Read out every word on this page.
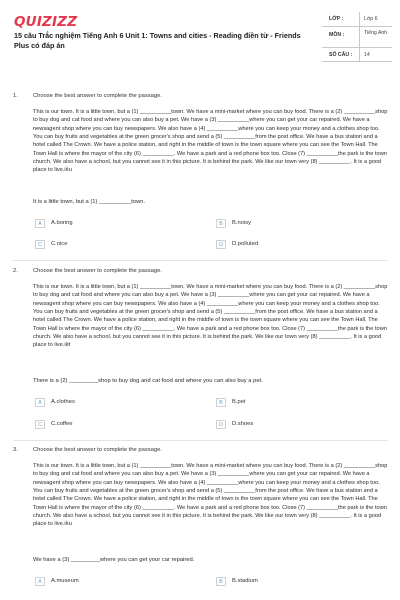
QUIZIZZ
15 câu Trắc nghiệm Tiếng Anh 6 Unit 1: Towns and cities - Reading điền từ - Friends Plus có đáp án
LỚP :	Lớp 6
MÔN :	Tiếng Anh
SỐ CÂU : 14
1.	Choose the best answer to complete the passage.
This is our town. It is a little town, but a (1) __________town. We have a mini-market where you can buy food. There is a (2) __________shop to buy dog and cat food and where you can also buy a pet. We have a (3) __________where you can get your car repaired. We have a newsagent shop where you can buy newspapers. We also have a (4) __________where you can keep your money and a clothes shop too. You can buy fruits and vegetables at the green grocer's shop and send a (5) __________from the post office. We have a bus station and a hotel called The Crown. We have a police station, and right in the middle of town is the town square where you can see the Town Hall. The Town Hall is where the mayor of the city (6) __________. We have a park and a red phone box too. Close (7) __________the park is the town church. We also have a school, but you cannot see it in this picture. It is behind the park. We like our town very (8) __________. It is a good place to live.iều
It is a little town, but a (1) __________town.
A	A.boring	B	B.noisy
C	C.nice	D	D.polluted
2.	Choose the best answer to complete the passage.
This is our town. It is a little town, but a (1) __________town. We have a mini-market where you can buy food. There is a (2) __________shop to buy dog and cat food and where you can also buy a pet. We have a (3) __________where you can get your car repaired. We have a newsagent shop where you can buy newspapers. We also have a (4) __________where you can keep your money and a clothes shop too. You can buy fruits and vegetables at the green grocer's shop and send a (5) __________from the post office. We have a bus station and a hotel called The Crown. We have a police station, and right in the middle of town is the town square where you can see the Town Hall. The Town Hall is where the mayor of the city (6) __________. We have a park and a red phone box too. Close (7) __________the park is the town church. We also have a school, but you cannot see it in this picture. It is behind the park. We like our town very (8) __________. It is a good place to live.iệt
There is a (2) _________shop to buy dog and cat food and where you can also buy a pet.
A	A.clothes	B	B.pet
C	C.coffee	D	D.shoes
3.	Choose the best answer to complete the passage.
This is our town. It is a little town, but a (1) __________town. We have a mini-market where you can buy food. There is a (2) __________shop to buy dog and cat food and where you can also buy a pet. We have a (3) __________where you can get your car repaired. We have a newsagent shop where you can buy newspapers. We also have a (4) __________where you can keep your money and a clothes shop too. You can buy fruits and vegetables at the green grocer's shop and send a (5) __________from the post office. We have a bus station and a hotel called The Crown. We have a police station, and right in the middle of town is the town square where you can see the Town Hall. The Town Hall is where the mayor of the city (6) __________. We have a park and a red phone box too. Close (7) __________the park is the town church. We also have a school, but you cannot see it in this picture. It is behind the park. We like our town very (8) __________. It is a good place to live.iều
We have a (3) _________where you can get your car repaired.
A	A.museum	B	B.stadium
